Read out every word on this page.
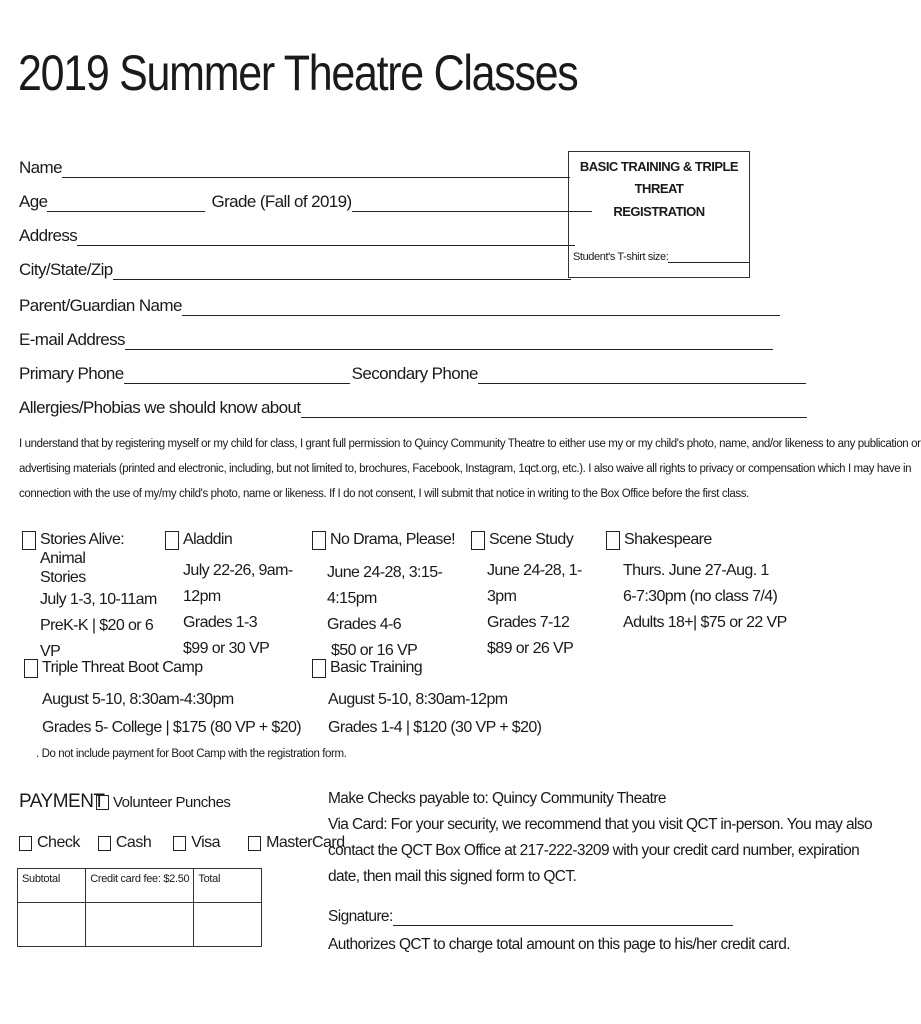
2019 Summer Theatre Classes
Name
Age	Grade (Fall of 2019)
Address
City/State/Zip
Parent/Guardian Name
E-mail Address
Primary Phone	Secondary Phone
Allergies/Phobias we should know about
BASIC TRAINING & TRIPLE THREAT
REGISTRATION
Student's T-shirt size:
I understand that by registering myself or my child for class, I grant full permission to Quincy Community Theatre to either use my or my child's photo, name, and/or likeness to any publication or
advertising materials (printed and electronic, including, but not limited to, brochures, Facebook, Instagram, 1qct.org, etc.). I also waive all rights to privacy or compensation which I may have in
connection with the use of my/my child's photo, name or likeness. If I do not consent, I will submit that notice in writing to the Box Office before the first class.
Stories Alive: Animal
Stories
July 1-3, 10-11am
PreK-K | $20 or 6 VP
Aladdin
July 22-26, 9am-12pm
Grades 1-3
$99 or 30 VP
No Drama, Please!
June 24-28, 3:15-4:15pm
Grades 4-6
$50 or 16 VP
Scene Study
June 24-28, 1-3pm
Grades 7-12
$89 or 26 VP
Shakespeare
Thurs. June 27-Aug. 1
6-7:30pm (no class 7/4)
Adults 18+| $75 or 22 VP
Triple Threat Boot Camp
August 5-10, 8:30am-4:30pm
Grades 5- College | $175 (80 VP + $20)
Basic Training
August 5-10, 8:30am-12pm
Grades 1-4 | $120 (30 VP + $20)
. Do not include payment for Boot Camp with the registration form.
PAYMENT Volunteer Punches
Check Cash	Visa	MasterCard
Subtotal	Credit card fee: $2.50	Total

Make Checks payable to: Quincy Community Theatre
Via Card: For your security, we recommend that you visit QCT in-person. You may also
contact the QCT Box Office at 217-222-3209 with your credit card number, expiration
date, then mail this signed form to QCT.
Signature:
Authorizes QCT to charge total amount on this page to his/her credit card.
